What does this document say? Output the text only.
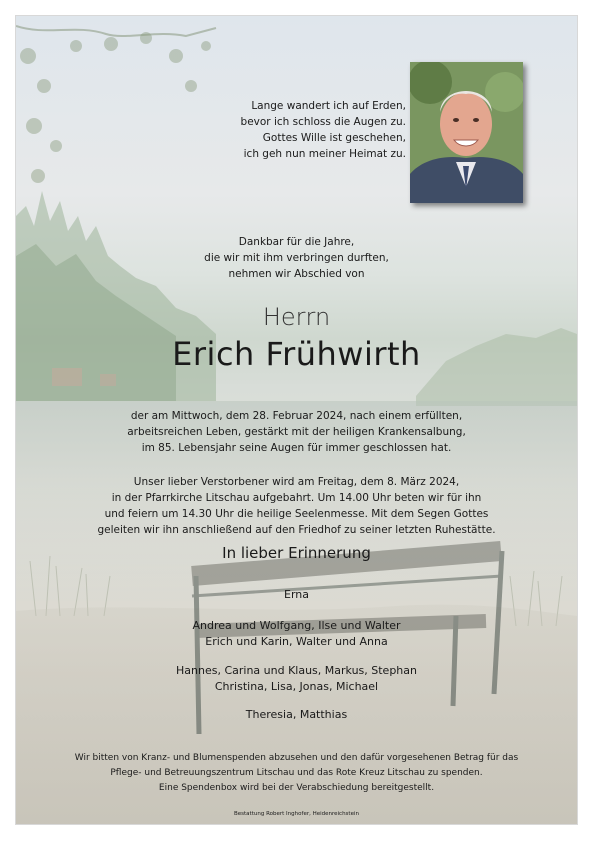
Lange wandert ich auf Erden,
bevor ich schloss die Augen zu.
Gottes Wille ist geschehen,
ich geh nun meiner Heimat zu.
Dankbar für die Jahre,
die wir mit ihm verbringen durften,
nehmen wir Abschied von
Herrn
Erich Frühwirth
der am Mittwoch, dem 28. Februar 2024, nach einem erfüllten,
arbeitsreichen Leben, gestärkt mit der heiligen Krankensalbung,
im 85. Lebensjahr seine Augen für immer geschlossen hat.
Unser lieber Verstorbener wird am Freitag, dem 8. März 2024,
in der Pfarrkirche Litschau aufgebahrt. Um 14.00 Uhr beten wir für ihn
und feiern um 14.30 Uhr die heilige Seelenmesse. Mit dem Segen Gottes
geleiten wir ihn anschließend auf den Friedhof zu seiner letzten Ruhestätte.
In lieber Erinnerung
Erna
Andrea und Wolfgang, Ilse und Walter
Erich und Karin, Walter und Anna
Hannes, Carina und Klaus, Markus, Stephan
Christina, Lisa, Jonas, Michael
Theresia, Matthias
Wir bitten von Kranz- und Blumenspenden abzusehen und den dafür vorgesehenen Betrag für das
Pflege- und Betreuungszentrum Litschau und das Rote Kreuz Litschau zu spenden.
Eine Spendenbox wird bei der Verabschiedung bereitgestellt.
Bestattung Robert Inghofer, Heidenreichstein
